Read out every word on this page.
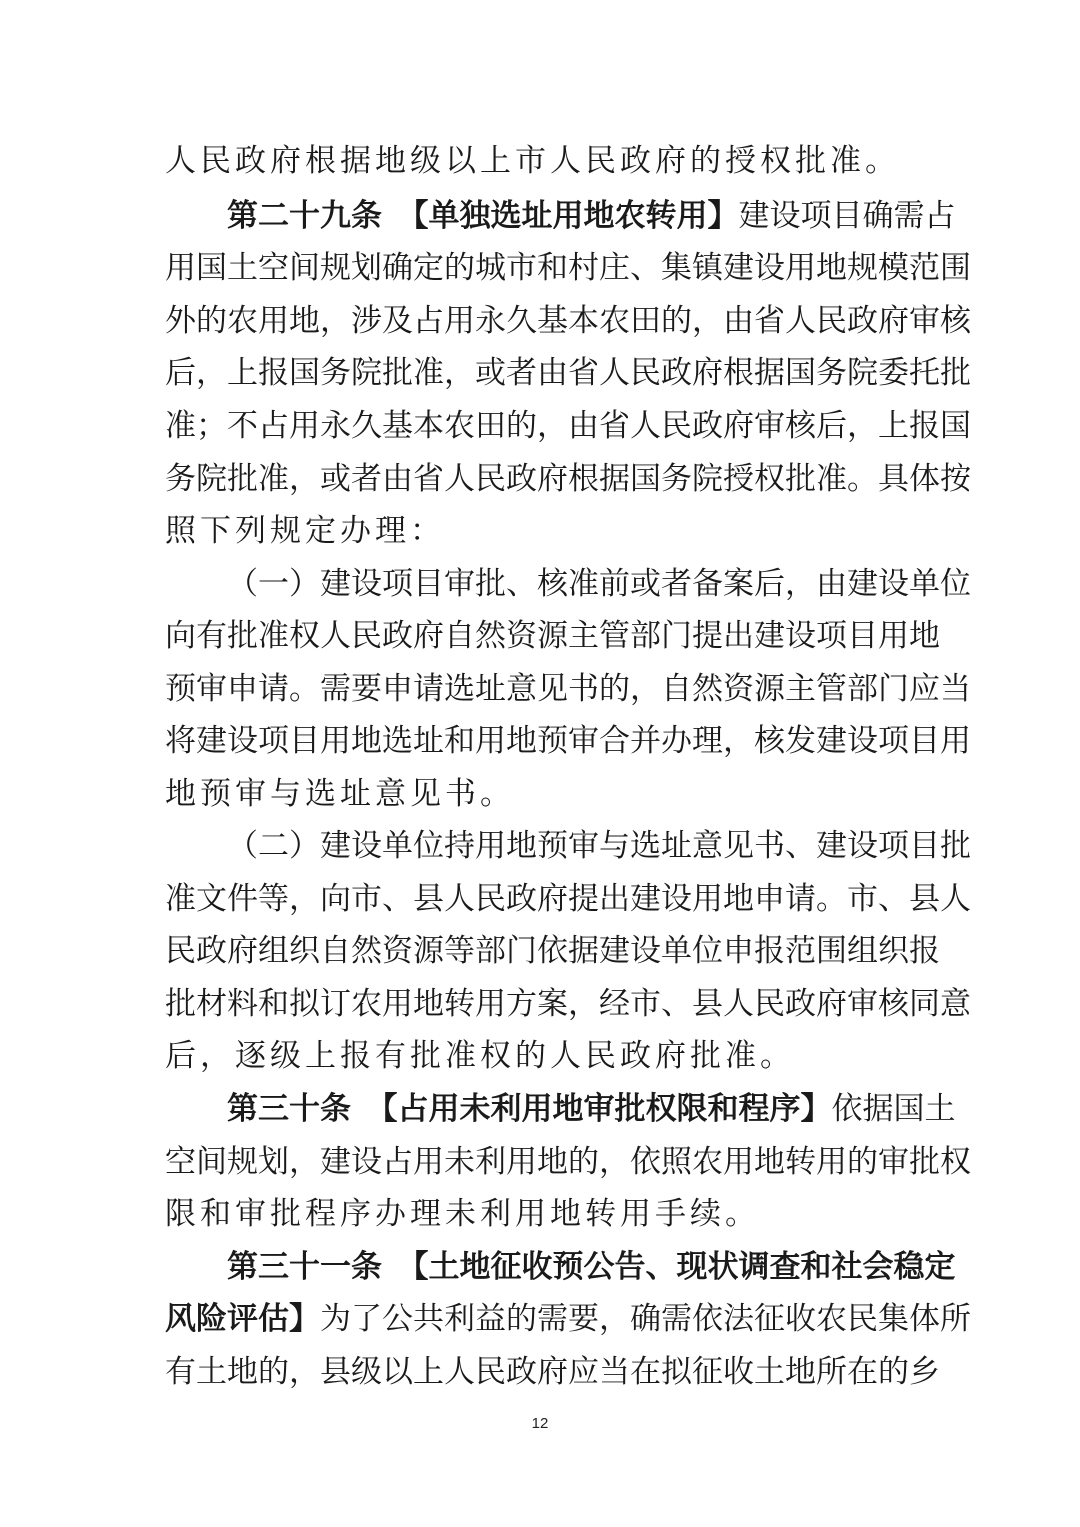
人民政府根据地级以上市人民政府的授权批准。
第二十九条　【单独选址用地农转用】建设项目确需占
用国土空间规划确定的城市和村庄、集镇建设用地规模范围
外的农用地，涉及占用永久基本农田的，由省人民政府审核
后，上报国务院批准，或者由省人民政府根据国务院委托批
准；不占用永久基本农田的，由省人民政府审核后，上报国
务院批准，或者由省人民政府根据国务院授权批准。具体按
照下列规定办理：
（一）建设项目审批、核准前或者备案后，由建设单位
向有批准权人民政府自然资源主管部门提出建设项目用地
预审申请。需要申请选址意见书的，自然资源主管部门应当
将建设项目用地选址和用地预审合并办理，核发建设项目用
地预审与选址意见书。
（二）建设单位持用地预审与选址意见书、建设项目批
准文件等，向市、县人民政府提出建设用地申请。市、县人
民政府组织自然资源等部门依据建设单位申报范围组织报
批材料和拟订农用地转用方案，经市、县人民政府审核同意
后，逐级上报有批准权的人民政府批准。
第三十条　【占用未利用地审批权限和程序】依据国土
空间规划，建设占用未利用地的，依照农用地转用的审批权
限和审批程序办理未利用地转用手续。
第三十一条　【土地征收预公告、现状调查和社会稳定
风险评估】为了公共利益的需要，确需依法征收农民集体所
有土地的，县级以上人民政府应当在拟征收土地所在的乡
12
